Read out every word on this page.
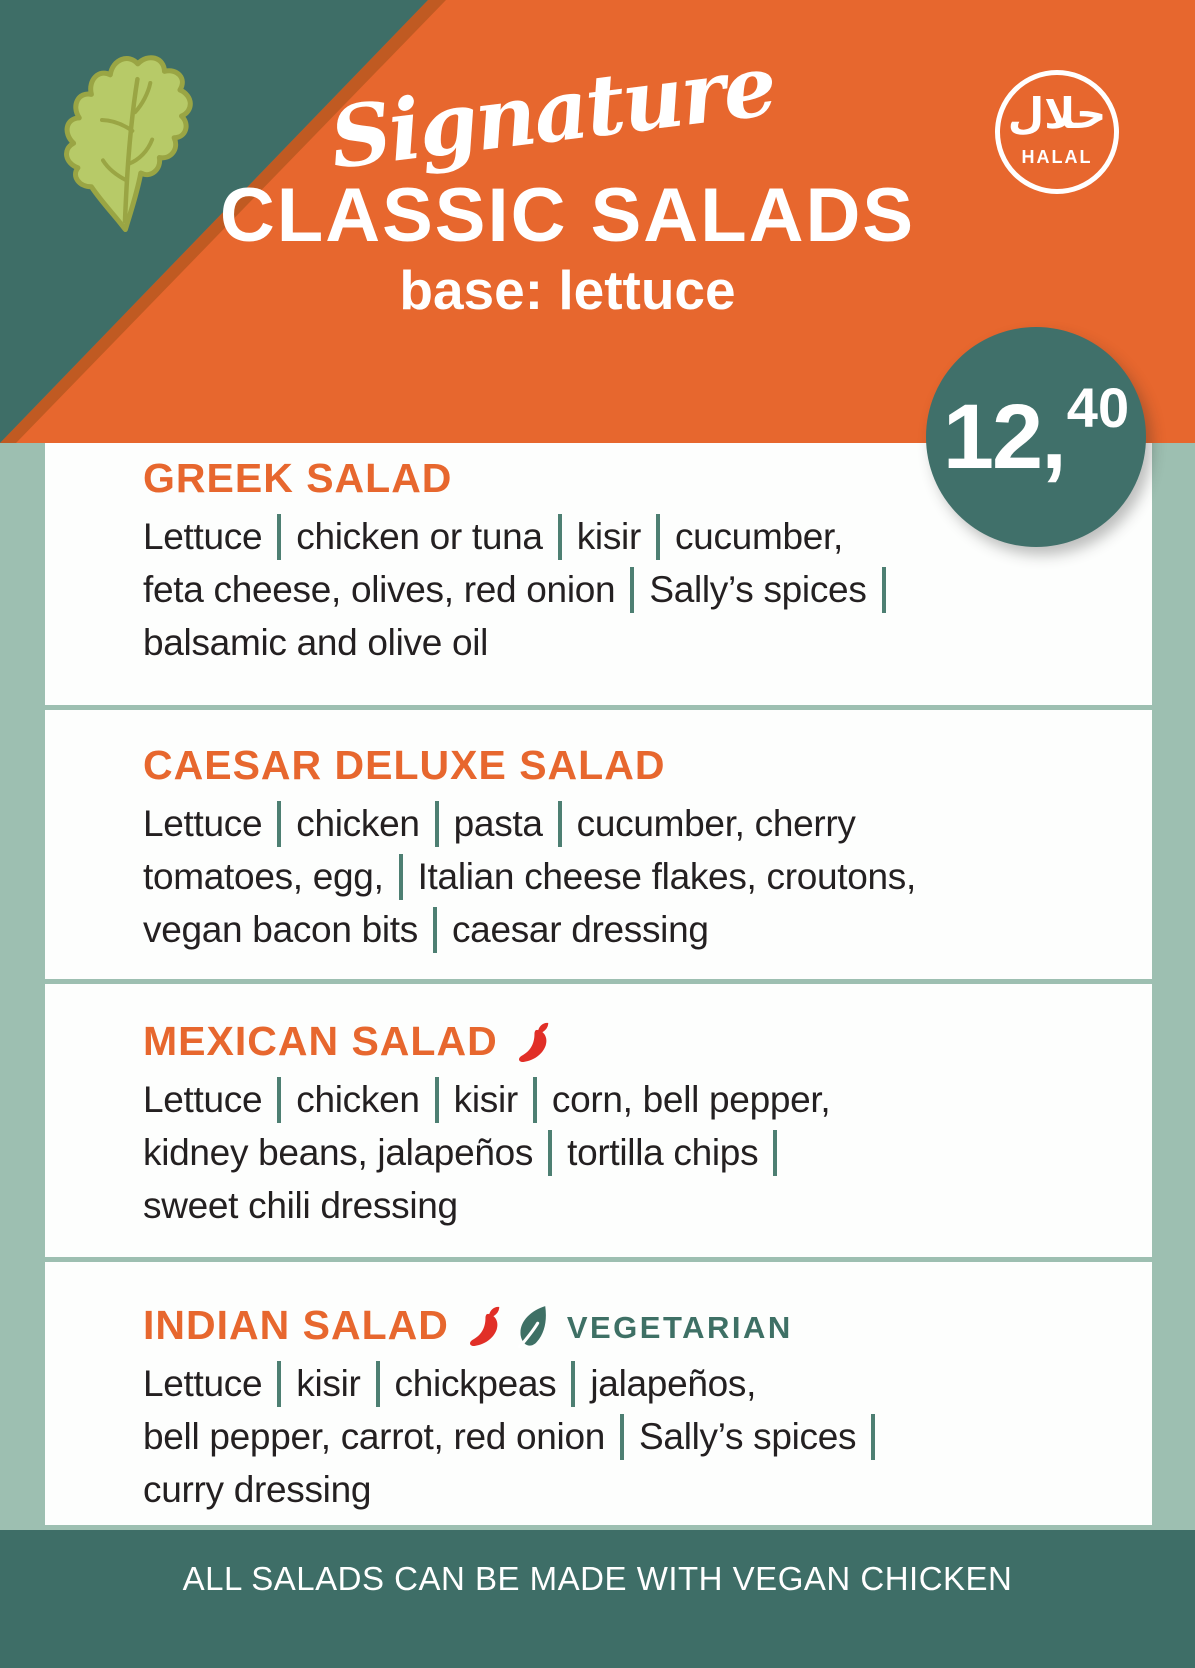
Signature
CLASSIC SALADS
base: lettuce
حلال
HALAL
12, 40
GREEK SALAD
Lettuce chicken or tuna kisir cucumber,
feta cheese, olives, red onion Sally’s spices
balsamic and olive oil
CAESAR DELUXE SALAD
Lettuce chicken pasta cucumber, cherry
tomatoes, egg, Italian cheese flakes, croutons,
vegan bacon bits caesar dressing
MEXICAN SALAD
Lettuce chicken kisir corn, bell pepper,
kidney beans, jalapeños tortilla chips
sweet chili dressing
INDIAN SALAD	VEGETARIAN
Lettuce kisir chickpeas jalapeños,
bell pepper, carrot, red onion Sally’s spices
curry dressing
ALL SALADS CAN BE MADE WITH VEGAN CHICKEN
